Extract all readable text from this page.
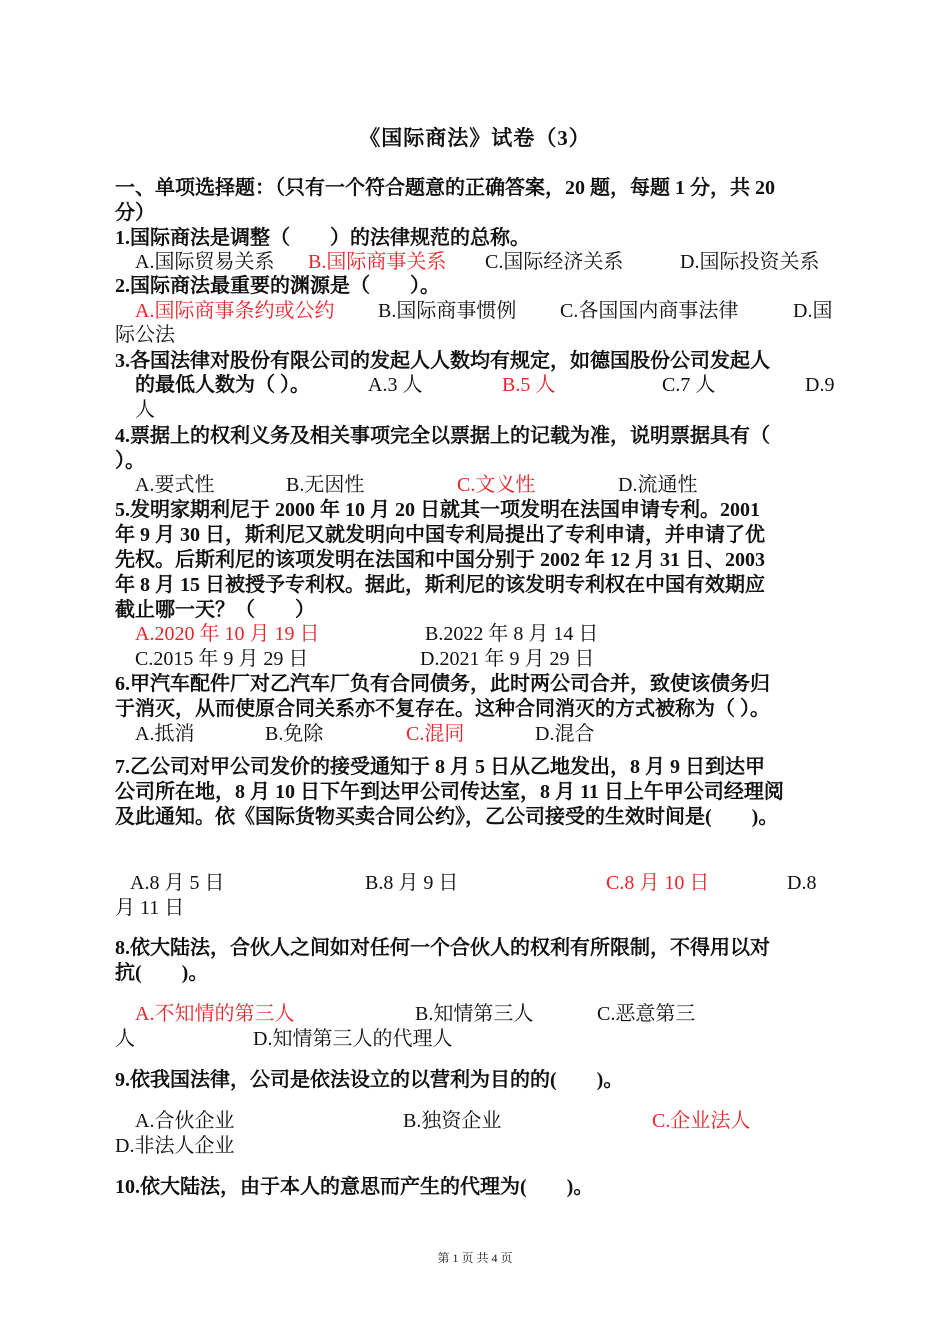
《国际商法》试卷（3）
一、单项选择题：（只有一个符合题意的正确答案，20 题，每题 1 分，共 20
分）
1.国际商法是调整（　　）的法律规范的总称。
A.国际贸易关系 B.国际商事关系 C.国际经济关系	D.国际投资关系
2.国际商法最重要的渊源是（　　）。
A.国际商事条约或公约 B.国际商事惯例 C.各国国内商事法律	D.国
际公法
3.各国法律对股份有限公司的发起人人数均有规定，如德国股份公司发起人
的最低人数为（ ）。	A.3 人	B.5 人	C.7 人	D.9
人
4.票据上的权利义务及相关事项完全以票据上的记载为准，说明票据具有（
）。
A.要式性	B.无因性	C.文义性	D.流通性
5.发明家期利尼于 2000 年 10 月 20 日就其一项发明在法国申请专利。2001
年 9 月 30 日，斯利尼又就发明向中国专利局提出了专利申请，并申请了优
先权。后斯利尼的该项发明在法国和中国分别于 2002 年 12 月 31 日、2003
年 8 月 15 日被授予专利权。据此，斯利尼的该发明专利权在中国有效期应
截止哪一天？（　　）
A.2020 年 10 月 19 日	B.2022 年 8 月 14 日
C.2015 年 9 月 29 日	D.2021 年 9 月 29 日
6.甲汽车配件厂对乙汽车厂负有合同债务，此时两公司合并，致使该债务归
于消灭，从而使原合同关系亦不复存在。这种合同消灭的方式被称为（ ）。
A.抵消	B.免除	C.混同	D.混合
7.乙公司对甲公司发价的接受通知于 8 月 5 日从乙地发出，8 月 9 日到达甲
公司所在地，8 月 10 日下午到达甲公司传达室，8 月 11 日上午甲公司经理阅
及此通知。依《国际货物买卖合同公约》，乙公司接受的生效时间是(　　)。
A.8 月 5 日	B.8 月 9 日	C.8 月 10 日	D.8
月 11 日
8.依大陆法，合伙人之间如对任何一个合伙人的权利有所限制，不得用以对
抗(　　)。
A.不知情的第三人	B.知情第三人	C.恶意第三
人	D.知情第三人的代理人
9.依我国法律，公司是依法设立的以营利为目的的(　　)。
A.合伙企业	B.独资企业	C.企业法人
D.非法人企业
10.依大陆法，由于本人的意思而产生的代理为(　　)。
第 1 页 共 4 页
